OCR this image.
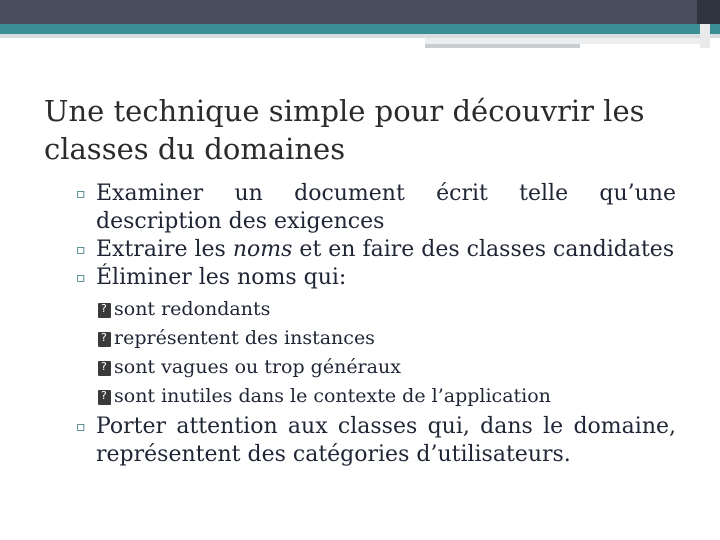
Une technique simple pour découvrir les classes du domaines

▫ Examiner un document écrit telle qu’une description des exigences

▫ Extraire les noms et en faire des classes candidates

▫ Éliminer les noms qui:

?
sont redondants
?
représentent des instances
?
sont vagues ou trop généraux
?
sont inutiles dans le contexte de l’application

▫ Porter attention aux classes qui, dans le domaine, représentent des catégories d’utilisateurs.
